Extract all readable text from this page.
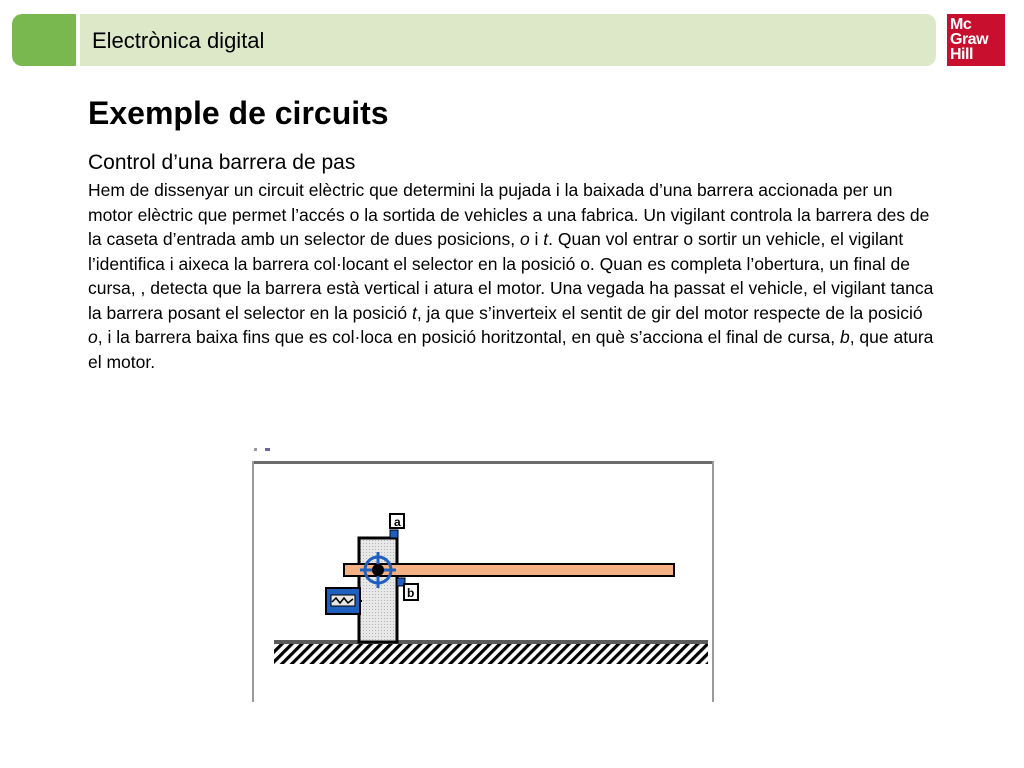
Electrònica digital
Mc
Graw
Hill
Exemple de circuits
Control d’una barrera de pas

Hem de dissenyar un circuit elèctric que determini la pujada i la baixada d’una barrera accionada per un motor elèctric que permet l’accés o la sortida de vehicles a una fabrica. Un vigilant controla la barrera des de la caseta d’entrada amb un selector de dues posicions, o i t. Quan vol entrar o sortir un vehicle, el vigilant l’identifica i aixeca la barrera col·locant el selector en la posició o. Quan es completa l’obertura, un final de cursa, , detecta que la barrera està vertical i atura el motor. Una vegada ha passat el vehicle, el vigilant tanca la barrera posant el selector en la posició t, ja que s’inverteix el sentit de gir del motor respecte de la posició o, i la barrera baixa fins que es col·loca en posició horitzontal, en què s’acciona el final de cursa, b, que atura el motor.

a
b
